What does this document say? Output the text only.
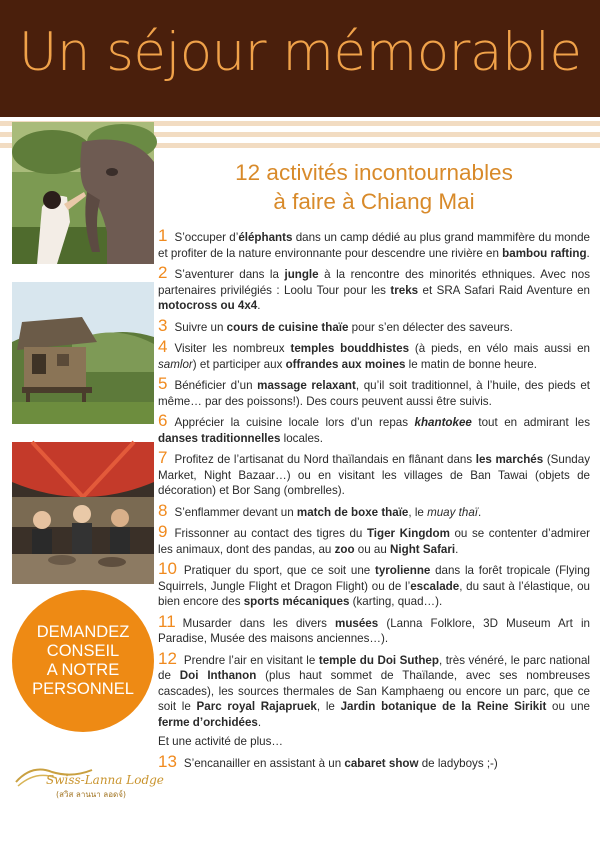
Un séjour mémorable
DEMANDEZ
CONSEIL
A NOTRE
PERSONNEL
Swiss-Lanna Lodge
(สวิส ลานนา ลอดจ์)
12 activités incontournables
à faire à Chiang Mai
1 S’occuper d’éléphants dans un camp dédié au plus grand mammifère du monde et profiter de la nature environnante pour descendre une rivière en bambou rafting.
2 S’aventurer dans la jungle à la rencontre des minorités ethniques. Avec nos partenaires privilégiés : Loolu Tour pour les treks et SRA Safari Raid Aventure en motocross ou 4x4.
3 Suivre un cours de cuisine thaïe pour s’en délecter des saveurs.
4 Visiter les nombreux temples bouddhistes (à pieds, en vélo mais aussi en samlor) et participer aux offrandes aux moines le matin de bonne heure.
5 Bénéficier d’un massage relaxant, qu’il soit traditionnel, à l’huile, des pieds et même… par des poissons!). Des cours peuvent aussi être suivis.
6 Apprécier la cuisine locale lors d’un repas khantokee tout en admirant les danses traditionnelles locales.
7 Profitez de l’artisanat du Nord thaïlandais en flânant dans les marchés (Sunday Market, Night Bazaar…) ou en visitant les villages de Ban Tawai (objets de décoration) et Bor Sang (ombrelles).
8 S’enflammer devant un match de boxe thaïe, le muay thaï.
9 Frissonner au contact des tigres du Tiger Kingdom ou se contenter d’admirer les animaux, dont des pandas, au zoo ou au Night Safari.
10 Pratiquer du sport, que ce soit une tyrolienne dans la forêt tropicale (Flying Squirrels, Jungle Flight et Dragon Flight) ou de l’escalade, du saut à l’élastique, ou bien encore des sports mécaniques (karting, quad…).
11 Musarder dans les divers musées (Lanna Folklore, 3D Museum Art in Paradise, Musée des maisons anciennes…).
12 Prendre l’air en visitant le temple du Doi Suthep, très vénéré, le parc national de Doi Inthanon (plus haut sommet de Thaïlande, avec ses nombreuses cascades), les sources thermales de San Kamphaeng ou encore un parc, que ce soit le Parc royal Rajapruek, le Jardin botanique de la Reine Sirikit ou une ferme d’orchidées.
Et une activité de plus…
13 S’encanailler en assistant à un cabaret show de ladyboys ;-)
